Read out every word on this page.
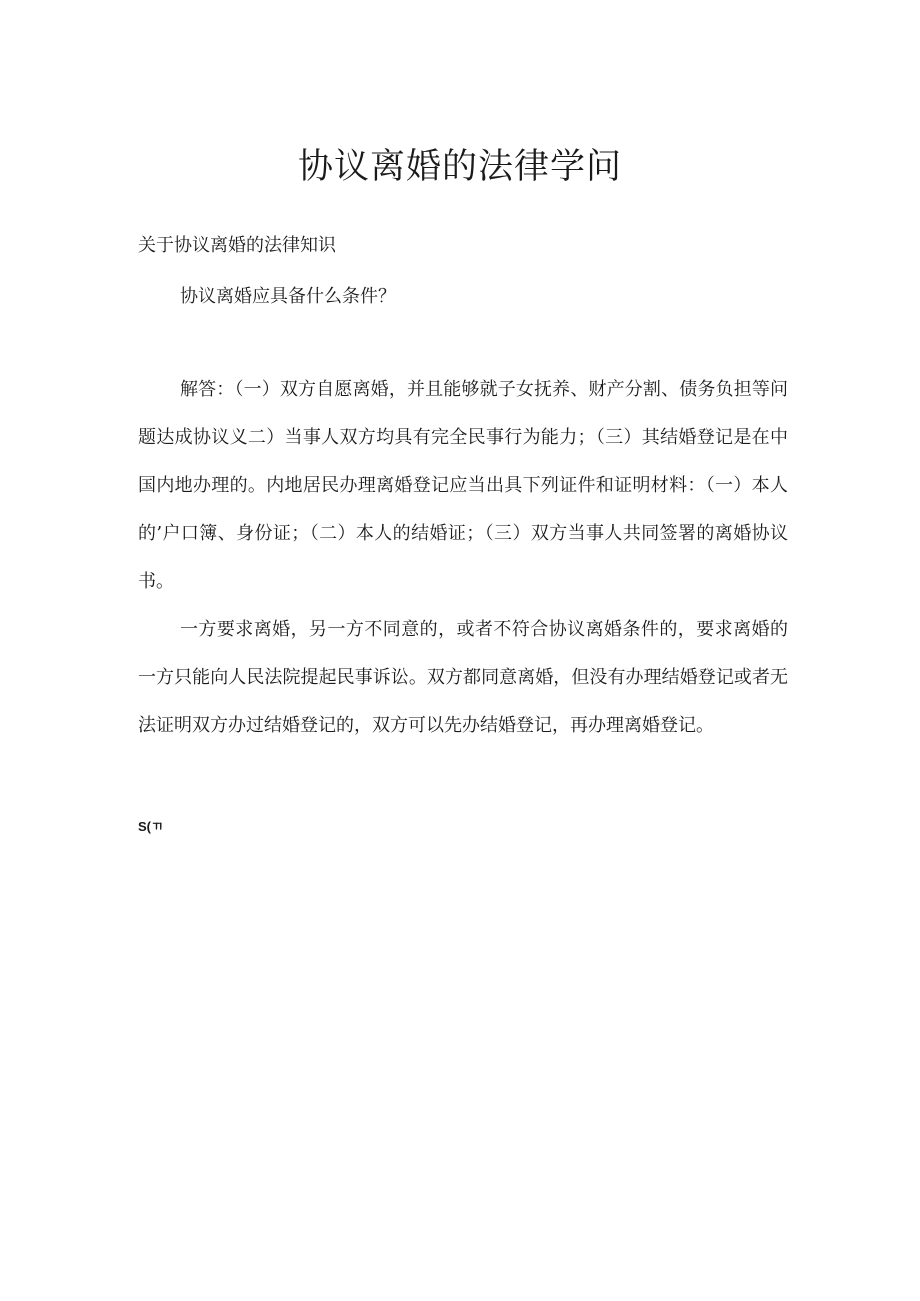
协议离婚的法律学问

关于协议离婚的法律知识

协议离婚应具备什么条件？

解答：（一）双方自愿离婚，并且能够就子女抚养、财产分割、债务负担等问题达成协议义二）当事人双方均具有完全民事行为能力；（三）其结婚登记是在中国内地办理的。内地居民办理离婚登记应当出具下列证件和证明材料：（一）本人的’户口簿、身份证；（二）本人的结婚证；（三）双方当事人共同签署的离婚协议书。

一方要求离婚，另一方不同意的，或者不符合协议离婚条件的，要求离婚的一方只能向人民法院提起民事诉讼。双方都同意离婚，但没有办理结婚登记或者无法证明双方办过结婚登记的，双方可以先办结婚登记，再办理离婚登记。

S(ㄲ
